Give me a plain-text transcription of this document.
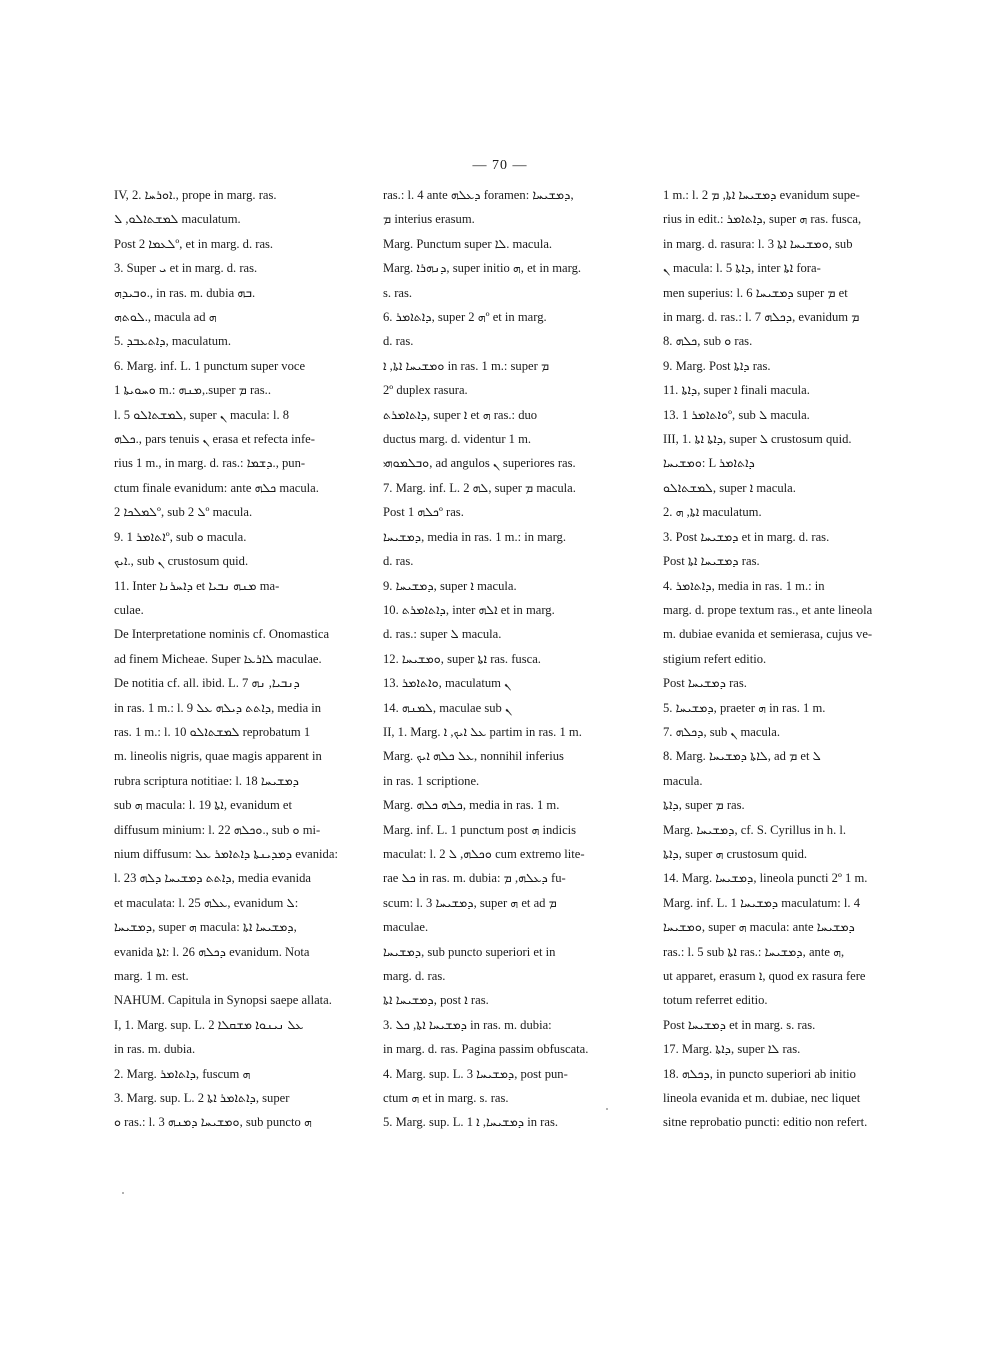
— 70 —

IV, 2. ܐܘܪܚܐ., prope in marg. ras.

ܠܡܫܬܐܠܘ, ܠ maculatum.

Post ܠܥܡܐ 2º, et in marg. d. ras.

3. Super ܝ et in marg. d. ras.

ܘܒܝܕܗ., in ras. m. dubia ܒܗ.

ܠܘܬܗ., macula ad ܗ

5. ܕܐܬܥܒܕ, maculatum.

6. Marg. inf. L. 1 punctum super voce

ܘܚܘܝܬܐ 1 m.: ܡܢܗ,.super ܡ ras..

l. 5 ܠܡܫܬܐܠܘ, super ܢ macula: l. 8

ܟܠܗ., pars tenuis ܢ erasa et refecta infe-

rius 1 m., in marg. d. ras.: ܕܫܡܐ., pun-

ctum finale evanidum: ante ܟܠܗ macula.

ܠܡܠܟܐ 2º, sub ܠ 2º macula.

9. ܐܬܐܡܪ 1º, sub ܘ macula.

ܐܝܟ., sub ܢ crustosum quid.

11. Inter ܕܐܚܪܢܐ et ܡܢܗ ܢܒܝܐ ma-

culae.

De Interpretatione nominis cf. Onomastica

ad finem Micheae. Super ܠܐܪܥܐ maculae.

De notitia cf. all. ibid. L. 7 ܕܢܒܝܐ, ܢܗ

in ras. 1 m.: l. 9 ܕܐܬܬ ܕܝܠܗ ܥܠ, media in

ras. 1 m.: l. 10 ܠܡܫܬܐܠܘ reprobatum 1

m. lineolis nigris, quae magis apparent in

rubra scriptura notitiae: l. 18 ܕܡܫܝܚܐ

sub ܗ macula: l. 19 ܐܬܐ, evanidum et

diffusum minium: l. 22 ܘܟܠܗ., sub ܘ mi-

nium diffusum: ܕܡܕܝܢܬܐ ܕܐܬܐܡܪ ܥܠ evanida:

l. 23 ܕܐܬܬ ܕܡܫܝܚܐ ܕܠܗ, media evanida

et maculata: l. 25 ܥܠܗ, evanidum ܠ:

ܕܡܫܝܚܐ, super ܗ macula: ܕܡܫܝܚܐ ܐܬܐ,

evanida ܐܬܐ: l. 26 ܕܟܠܗ evanidum. Nota

marg. 1 m. est.

NAHUM. Capitula in Synopsi saepe allata.

I, 1. Marg. sup. L. 2 ܥܠ ܢܝܢܘܐ ܡܫܩܠܐ

in ras. m. dubia.

2. Marg. ܕܐܬܐܡܪ, fuscum ܗ

3. Marg. sup. L. 2 ܕܐܬܐܡܪ ܐܬܐ, super

ܘ ras.: l. 3 ܘܡܫܝܚܐ ܕܡܢܗ, sub puncto ܗ

ras.: l. 4 ante ܕܥܠܗ foramen: ܕܡܫܝܚܐ,

ܡ interius erasum.

Marg. Punctum super ܠܐ. macula.

Marg. ܕܢܗܪܐ, super initio ܗ, et in marg.

s. ras.

6. ܕܐܬܐܡܪ, super ܗ 2º et in marg.

d. ras.

ܘܡܫܝܚܐ ܐܬܐ, ܐ in ras. 1 m.: super ܡ

2º duplex rasura.

ܕܐܬܐܡܪܬ, super ܐ et ܗ ras.: duo

ductus marg. d. videntur 1 m.

ܘܒܠܡܘܗܝ, ad angulos ܢ superiores ras.

7. Marg. inf. L. 2 ܠܗ, super ܡ macula.

Post ܟܠܗ 1º ras.

ܕܡܫܝܚܐ, media in ras. 1 m.: in marg.

d. ras.

9. ܕܡܫܝܚܐ, super ܐ macula.

10. ܕܐܬܐܡܪܬ, inter ܐܠܗ et in marg.

d. ras.: super ܠ macula.

12. ܘܡܫܝܚܐ, super ܐܬܐ ras. fusca.

13. ܘܐܬܐܡܪ, maculatum ܢ

14. ܠܡܢܗ, maculae sub ܢ

II, 1. Marg. ܥܠ ܐܝܟ, ܐ partim in ras. 1 m.

Marg. ܥܠ ܟܠܗ ܐܝܟ, nonnihil inferius

in ras. 1 scriptione.

Marg. ܟܠܗ ܟܠܗ, media in ras. 1 m.

Marg. inf. L. 1 punctum post ܗ indicis

maculat: l. 2 ܘܟܠܗ, ܠ cum extremo lite-

rae ܟܠ in ras. m. dubia: ܕܥܠܗ, ܡ fu-

scum: l. 3 ܕܡܫܝܚܐ, super ܗ et ad ܡ

maculae.

ܕܡܫܝܚܐ, sub puncto superiori et in

marg. d. ras.

ܕܡܫܝܚܐ ܐܬܐ, post ܐ ras.

3. ܕܡܫܝܚܐ ܐܬܐ, ܟܠ in ras. m. dubia:

in marg. d. ras. Pagina passim obfuscata.

4. Marg. sup. L. 3 ܕܡܫܝܚܐ, post pun-

ctum ܗ et in marg. s. ras.

5. Marg. sup. L. 1 ܕܡܫܝܚܐ, ܐ in ras.

1 m.: l. 2 ܕܡܫܝܚܐ ܐܬܐ, ܡ evanidum supe-

rius in edit.: ܕܐܬܐܡܪ, super ܗ ras. fusca,

in marg. d. rasura: l. 3 ܘܡܫܝܚܐ ܐܬܐ, sub

ܢ macula: l. 5 ܕܐܬܐ, inter ܐܬܐ fora-

men superius: l. 6 ܕܡܫܝܚܐ super ܡ et

in marg. d. ras.: l. 7 ܕܟܠܗ, evanidum ܡ

8. ܟܠܗ, sub ܘ ras.

9. Marg. Post ܕܐܬܐ ras.

11. ܕܐܬܐ, super ܐ finali macula.

13. ܘܐܬܐܡܪ 1º, sub ܠ macula.

III, 1. ܕܐܬܐ ܐܬܐ, super ܠ crustosum quid.

ܘܡܫܝܚܐ: L ܕܐܬܐܡܪ

ܠܡܫܬܐܠܘ, super ܐ macula.

2. ܐܬܐ, ܗ maculatum.

3. Post ܕܡܫܝܚܐ et in marg. d. ras.

Post ܕܡܫܝܚܐ ܐܬܐ ras.

4. ܕܐܬܐܡܪ, media in ras. 1 m.: in

marg. d. prope textum ras., et ante lineola

m. dubiae evanida et semierasa, cujus ve-

stigium refert editio.

Post ܕܡܫܝܚܐ ras.

5. ܕܡܫܝܚܐ, praeter ܗ in ras. 1 m.

7. ܕܟܠܗ, sub ܢ macula.

8. Marg. ܠܐܬܐ ܕܡܫܝܚܐ, ad ܡ et ܠ

macula.

ܕܐܬܐ, super ܡ ras.

Marg. ܕܡܫܝܚܐ, cf. S. Cyrillus in h. l.

ܕܐܬܐ, super ܗ crustosum quid.

14. Marg. ܕܡܫܝܚܐ, lineola puncti 2º 1 m.

Marg. inf. L. 1 ܕܡܫܝܚܐ maculatum: l. 4

ܘܡܫܝܚܐ, super ܗ macula: ante ܕܡܫܝܚܐ

ras.: l. 5 sub ܐܬܐ ras.: ܕܡܫܝܚܐ, ante ܗ,

ut apparet, erasum ܐ, quod ex rasura fere

totum referret editio.

Post ܕܡܫܝܚܐ et in marg. s. ras.

17. Marg. ܕܐܬܐ, super ܠܐ ras.

18. ܕܟܠܗ, in puncto superiori ab initio

lineola evanida et m. dubiae, nec liquet

sitne reprobatio puncti: editio non refert.
